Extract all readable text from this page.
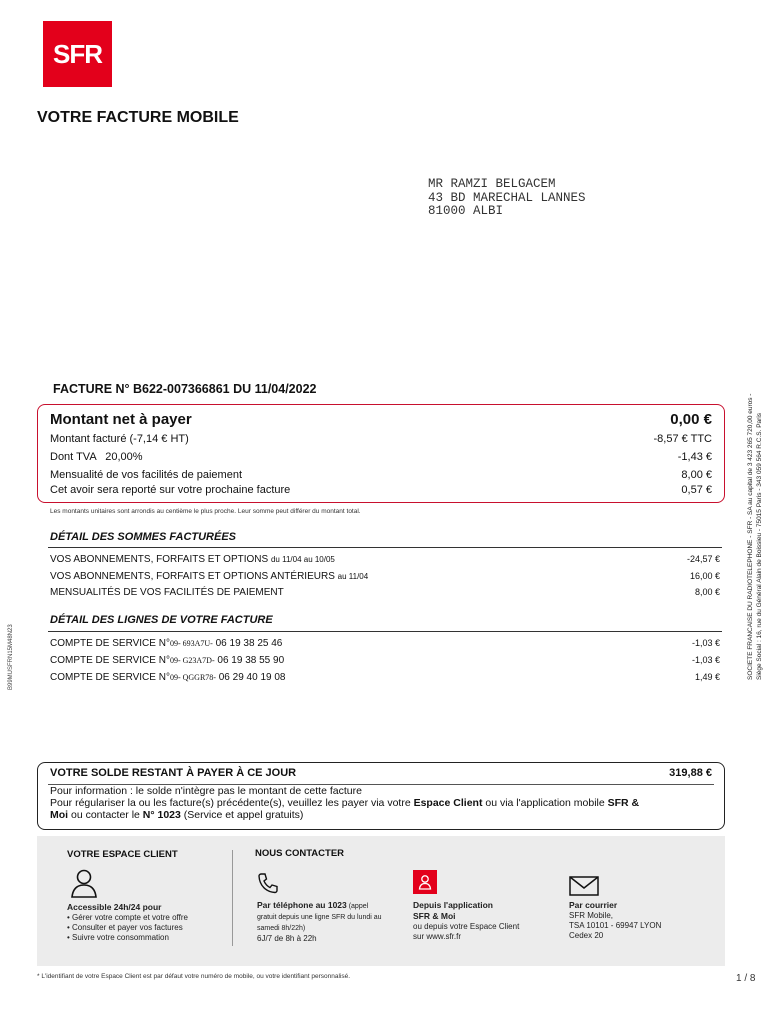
SFR
VOTRE FACTURE MOBILE
MR RAMZI BELGACEM
43 BD MARECHAL LANNES
81000 ALBI
FACTURE N° B622-007366861 DU 11/04/2022
Montant net à payer	0,00 €
Montant facturé (-7,14 € HT)	-8,57 € TTC
Dont TVA   20,00%	-1,43 €
Mensualité de vos facilités de paiement	8,00 €
Cet avoir sera reporté sur votre prochaine facture	0,57 €
Les montants unitaires sont arrondis au centième le plus proche. Leur somme peut différer du montant total.
DÉTAIL DES SOMMES FACTURÉES
VOS ABONNEMENTS, FORFAITS ET OPTIONS du 11/04 au 10/05	-24,57 €
VOS ABONNEMENTS, FORFAITS ET OPTIONS ANTÉRIEURS au 11/04	16,00 €
MENSUALITÉS DE VOS FACILITÉS DE PAIEMENT	8,00 €
DÉTAIL DES LIGNES DE VOTRE FACTURE
COMPTE DE SERVICE N°09- 693A7U- 06 19 38 25 46	-1,03 €
COMPTE DE SERVICE N°09- G23A7D- 06 19 38 55 90	-1,03 €
COMPTE DE SERVICE N°09- QGGR78- 06 29 40 19 08	1,49 €	SOCIETE FRANCAISE DU RADIOTELEPHONE - SFR - SA au capital de 3 423 265 720,00 euros - Siège Social : 16, rue du Général Alain de Boissieu - 75015 Paris - 343 059 564 R.C.S. Paris
B99MUSFRN15M48N23
VOTRE SOLDE RESTANT À PAYER À CE JOUR	319,88 €
Pour information : le solde n'intègre pas le montant de cette facture
Pour régulariser la ou les facture(s) précédente(s), veuillez les payer via votre Espace Client ou via l'application mobile SFR &
Moi ou contacter le N° 1023 (Service et appel gratuits)
VOTRE ESPACE CLIENT	NOUS CONTACTER
Accessible 24h/24 pour
• Gérer votre compte et votre offre
• Consulter et payer vos factures
• Suivre votre consommation
Par téléphone au 1023 (appel
gratuit depuis une ligne SFR du lundi au
samedi 8h/22h)
6J/7 de 8h à 22h
Depuis l'application
SFR & Moi
ou depuis votre Espace Client
sur www.sfr.fr
Par courrier
SFR Mobile,
TSA 10101 - 69947 LYON
Cedex 20
* L'identifiant de votre Espace Client est par défaut votre numéro de mobile, ou votre identifiant personnalisé.	1 / 8
